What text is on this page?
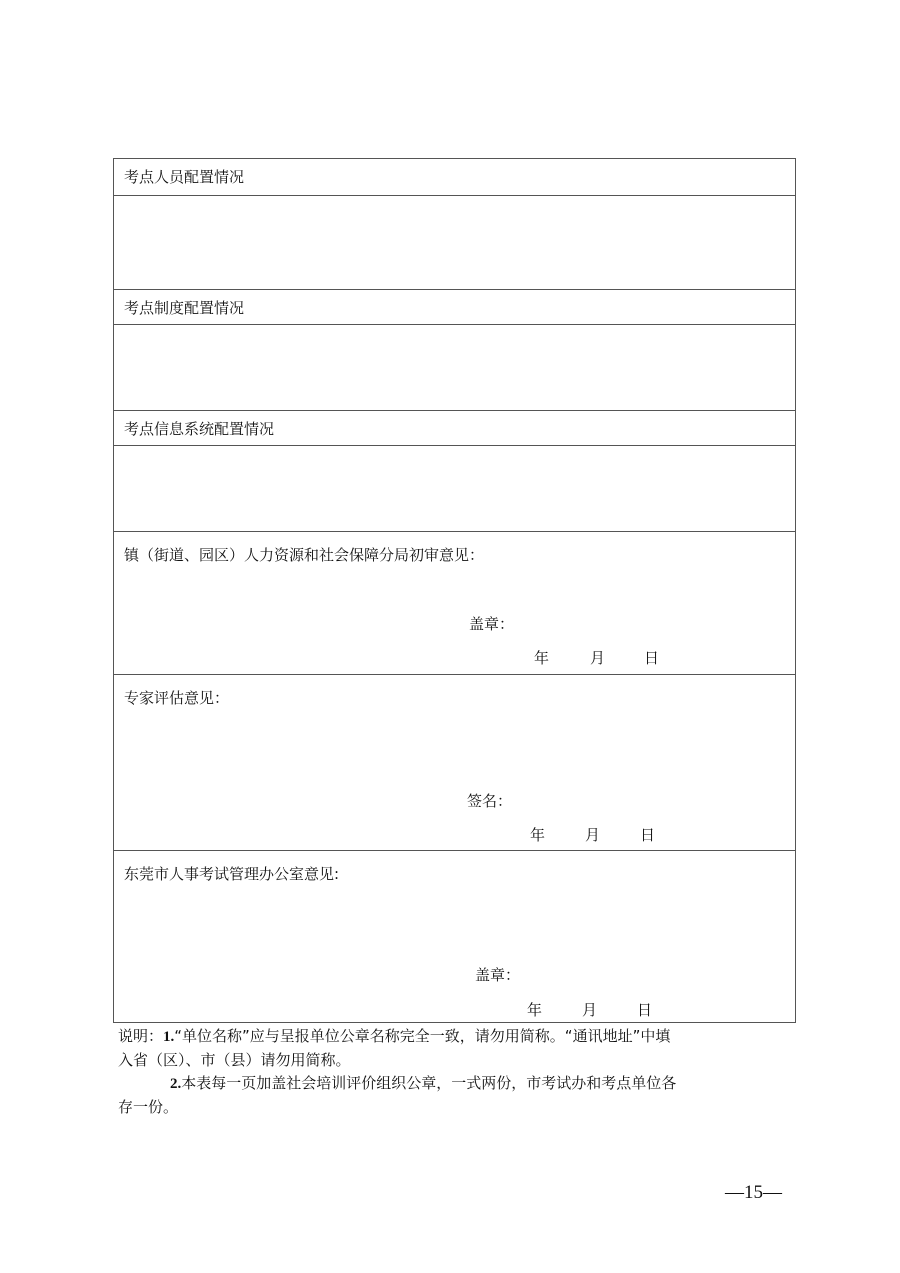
考点人员配置情况
考点制度配置情况
考点信息系统配置情况
镇（街道、园区）人力资源和社会保障分局初审意见：
盖章：
年	月	日
专家评估意见：
签名：
年	月	日
东莞市人事考试管理办公室意见:
盖章：
年	月	日
说明：1.“单位名称”应与呈报单位公章名称完全一致，请勿用简称。“通讯地址”中填
入省（区）、市（县）请勿用简称。
2.本表每一页加盖社会培训评价组织公章，一式两份，市考试办和考点单位各
存一份。
—15—
